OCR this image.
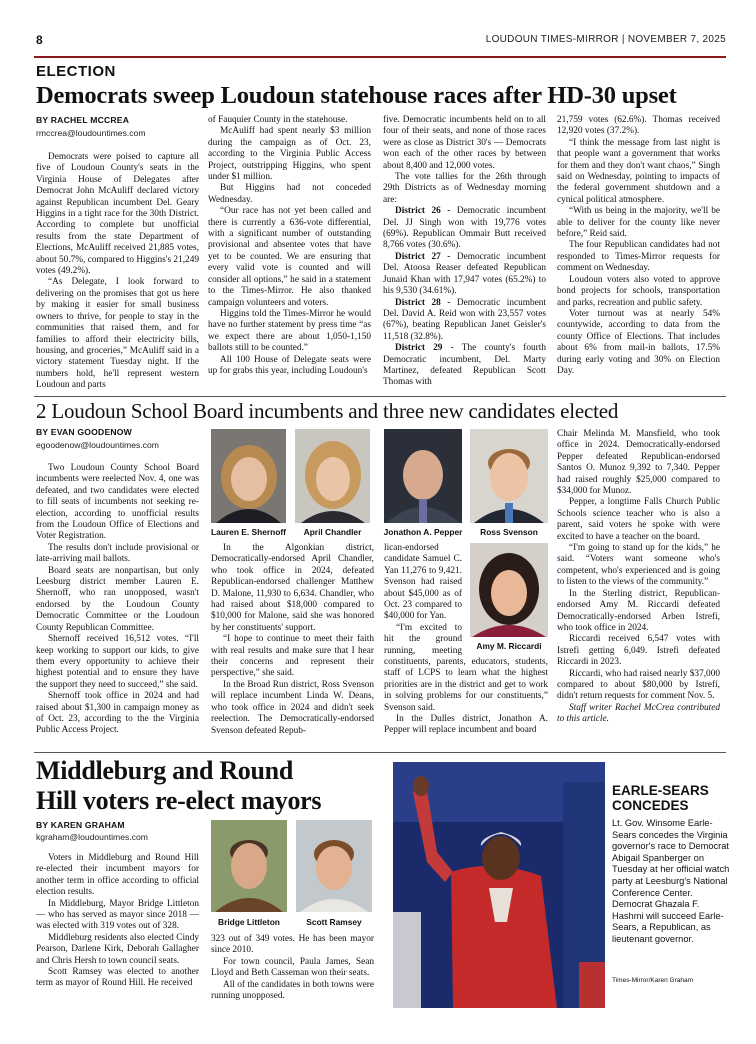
8	LOUDOUN TIMES-MIRROR | NOVEMBER 7, 2025
ELECTION
Democrats sweep Loudoun statehouse races after HD-30 upset
BY RACHEL MCCREA
rmccrea@loudountimes.com

Democrats were poised to capture all five of Loudoun County's seats in the Virginia House of Delegates after Democrat John McAuliff declared victory against Republican incumbent Del. Geary Higgins in a tight race for the 30th District. According to complete but unofficial results from the state Department of Elections, McAuliff received 21,885 votes, about 50.7%, compared to Higgins's 21,249 votes (49.2%).

“As Delegate, I look forward to delivering on the promises that got us here by making it easier for small business owners to thrive, for people to stay in the communities that raised them, and for families to afford their electricity bills, housing, and groceries,” McAuliff said in a victory statement Tuesday night. If the numbers hold, he'll represent western Loudoun and parts

of Fauquier County in the statehouse.

McAuliff had spent nearly $3 million during the campaign as of Oct. 23, according to the Virginia Public Access Project, outstripping Higgins, who spent under $1 million.

But Higgins had not conceded Wednesday.

“Our race has not yet been called and there is currently a 636-vote differential, with a significant number of outstanding provisional and absentee votes that have yet to be counted. We are ensuring that every valid vote is counted and will consider all options,” he said in a statement to the Times-Mirror. He also thanked campaign volunteers and voters.

Higgins told the Times-Mirror he would have no further statement by press time “as we expect there are about 1,050-1,150 ballots still to be counted.”

All 100 House of Delegate seats were up for grabs this year, including Loudoun's

five. Democratic incumbents held on to all four of their seats, and none of those races were as close as District 30's — Democrats won each of the other races by between about 8,400 and 12,000 votes.

The vote tallies for the 26th through 29th Districts as of Wednesday morning are:

District 26 - Democratic incumbent Del. JJ Singh won with 19,776 votes (69%). Republican Ommair Butt received 8,766 votes (30.6%).

District 27 - Democratic incumbent Del. Atoosa Reaser defeated Republican Junaid Khan with 17,947 votes (65.2%) to his 9,530 (34.61%).

District 28 - Democratic incumbent Del. David A. Reid won with 23,557 votes (67%), beating Republican Janet Geisler's 11,518 (32.8%).

District 29 - The county's fourth Democratic incumbent, Del. Marty Martinez, defeated Republican Scott Thomas with

21,759 votes (62.6%). Thomas received 12,920 votes (37.2%).

“I think the message from last night is that people want a government that works for them and they don't want chaos,” Singh said on Wednesday, pointing to impacts of the federal government shutdown and a cynical political atmosphere.

“With us being in the majority, we'll be able to deliver for the county like never before,” Reid said.

The four Republican candidates had not responded to Times-Mirror requests for comment on Wednesday.

Loudoun voters also voted to approve bond projects for schools, transportation and parks, recreation and public safety.

Voter turnout was at nearly 54% countywide, according to data from the county Office of Elections. That includes about 6% from mail-in ballots, 17.5% during early voting and 30% on Election Day.

2 Loudoun School Board incumbents and three new candidates elected
BY EVAN GOODENOW
egoodenow@loudountimes.com

Two Loudoun County School Board incumbents were reelected Nov. 4, one was defeated, and two candidates were elected to fill seats of incumbents not seeking re-election, according to unofficial results from the Loudoun Office of Elections and Voter Registration.

The results don't include provisional or late-arriving mail ballots.

Board seats are nonpartisan, but only Leesburg district member Lauren E. Shernoff, who ran unopposed, wasn't endorsed by the Loudoun County Democratic Committee or the Loudoun County Republican Committee.

Shernoff received 16,512 votes. “I'll keep working to support our kids, to give them every opportunity to achieve their highest potential and to ensure they have the support they need to succeed,” she said.

Shernoff took office in 2024 and had raised about $1,300 in campaign money as of Oct. 23, according to the the Virginia Public Access Project.

Lauren E. Shernoff	April Chandler	Jonathon A. Pepper	Ross Svenson
Amy M. Riccardi

In the Algonkian district, Democratically-endorsed April Chandler, who took office in 2024, defeated Republican-endorsed challenger Matthew D. Malone, 11,930 to 6,634. Chandler, who had raised about $18,000 compared to $10,000 for Malone, said she was honored by her constituents' support.

“I hope to continue to meet their faith with real results and make sure that I hear their concerns and represent their perspective,” she said.

In the Broad Run district, Ross Svenson will replace incumbent Linda W. Deans, who took office in 2024 and didn't seek reelection. The Democratically-endorsed Svenson defeated Repub-

lican-endorsed candidate Samuel C. Yan 11,276 to 9,421. Svenson had raised about $45,000 as of Oct. 23 compared to $40,000 for Yan.

“I'm excited to hit the ground running, meeting

constituents, parents, educators, students, staff of LCPS to learn what the highest priorities are in the district and get to work in solving problems for our constituents,” Svenson said.

In the Dulles district, Jonathon A. Pepper will replace incumbent and board

Chair Melinda M. Mansfield, who took office in 2024. Democratically-endorsed Pepper defeated Republican-endorsed Santos O. Munoz 9,392 to 7,340. Pepper had raised roughly $25,000 compared to $34,000 for Munoz.

Pepper, a longtime Falls Church Public Schools science teacher who is also a parent, said voters he spoke with were excited to have a teacher on the board.

“I'm going to stand up for the kids,” he said. “Voters want someone who's competent, who's experienced and is going to listen to the views of the community.”

In the Sterling district, Republican-endorsed Amy M. Riccardi defeated Democratically-endorsed Arben Istrefi, who took office in 2024.

Riccardi received 6,547 votes with Istrefi getting 6,049. Istrefi defeated Riccardi in 2023.

Riccardi, who had raised nearly $37,000 compared to about $80,000 by Istrefi, didn't return requests for comment Nov. 5.

Staff writer Rachel McCrea contributed to this article.

Middleburg and Round
Hill voters re-elect mayors
BY KAREN GRAHAM
kgraham@loudountimes.com

Voters in Middleburg and Round Hill re-elected their incumbent mayors for another term in office according to official election results.

In Middleburg, Mayor Bridge Littleton — who has served as mayor since 2018 — was elected with 319 votes out of 328.

Middleburg residents also elected Cindy Pearson, Darlene Kirk, Deborah Gallagher and Chris Hersh to town council seats.

Scott Ramsey was elected to another term as mayor of Round Hill. He received

Bridge Littleton	Scott Ramsey

323 out of 349 votes. He has been mayor since 2010.

For town council, Paula James, Sean Lloyd and Beth Casseman won their seats.

All of the candidates in both towns were running unopposed.

EARLE-SEARS
CONCEDES
Lt. Gov. Winsome Earle-Sears concedes the Virginia governor's race to Democrat Abigail Spanberger on Tuesday at her official watch party at Leesburg's National Conference Center. Democrat Ghazala F. Hashmi will succeed Earle-Sears, a Republican, as lieutenant governor.
Times-Mirror/Karen Graham
